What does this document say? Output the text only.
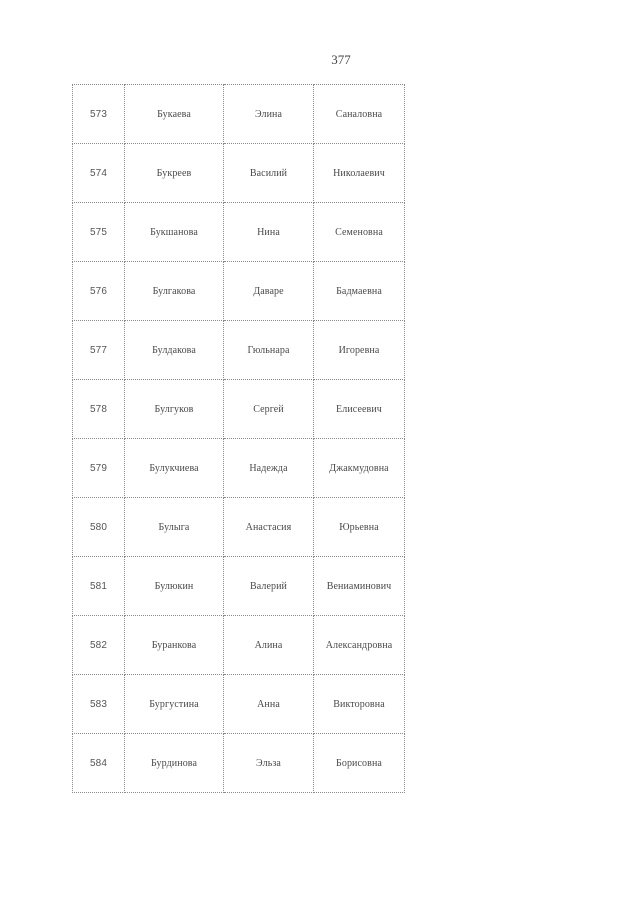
377
573	Букаева	Элина	Саналовна
574	Букреев	Василий	Николаевич
575	Букшанова	Нина	Семеновна
576	Булгакова	Даваре	Бадмаевна
577	Булдакова	Гюльнара	Игоревна
578	Булгуков	Сергей	Елисеевич
579	Булукчиева	Надежда	Джакмудовна
580	Булыга	Анастасия	Юрьевна
581	Булюкин	Валерий	Вениаминович
582	Буранкова	Алина	Александровна
583	Бургустина	Анна	Викторовна
584	Бурдинова	Эльза	Борисовна
